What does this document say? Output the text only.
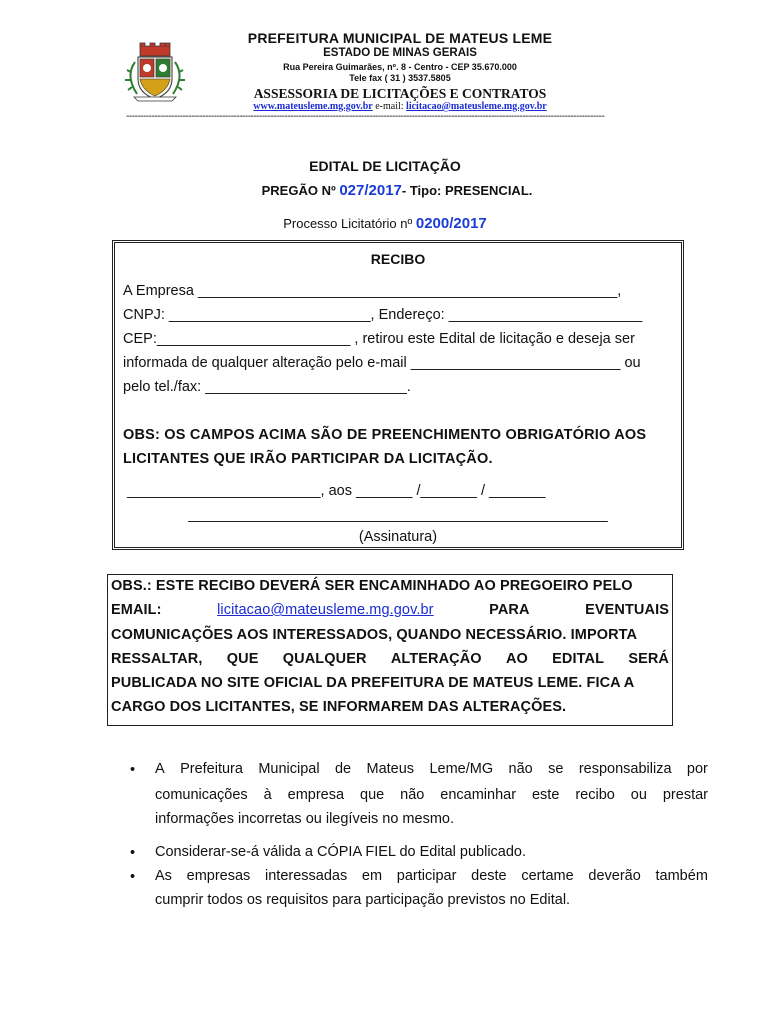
PREFEITURA MUNICIPAL DE MATEUS LEME
ESTADO DE MINAS GERAIS
Rua Pereira Guimarães, nº. 8 - Centro - CEP 35.670.000
Tele fax ( 31 ) 3537.5805
ASSESSORIA DE LICITAÇÕES E CONTRATOS
www.mateusleme.mg.gov.br e-mail: licitacao@mateusleme.mg.gov.br
-------------------------------------------------------------------------------------------------------------------------------------------------------------------------
EDITAL DE LICITAÇÃO
PREGÃO Nº 027/2017- Tipo: PRESENCIAL.
Processo Licitatório nº 0200/2017
RECIBO
A Empresa ____________________________________________________,
CNPJ: _________________________, Endereço: ________________________
CEP:________________________ , retirou este Edital de licitação e deseja ser
informada de qualquer alteração pelo e-mail __________________________ ou
pelo tel./fax: _________________________.
OBS: OS CAMPOS ACIMA SÃO DE PREENCHIMENTO OBRIGATÓRIO AOS
LICITANTES QUE IRÃO PARTICIPAR DA LICITAÇÃO.
________________________, aos _______ /_______ / _______
____________________________________________________
(Assinatura)
OBS.: ESTE RECIBO DEVERÁ SER ENCAMINHADO AO PREGOEIRO PELO
EMAIL:	licitacao@mateusleme.mg.gov.br	PARA	EVENTUAIS
COMUNICAÇÕES AOS INTERESSADOS, QUANDO NECESSÁRIO. IMPORTA
RESSALTAR, QUE QUALQUER ALTERAÇÃO AO EDITAL SERÁ
PUBLICADA NO SITE OFICIAL DA PREFEITURA DE MATEUS LEME. FICA A
CARGO DOS LICITANTES, SE INFORMAREM DAS ALTERAÇÕES.
• A Prefeitura Municipal de Mateus Leme/MG não se responsabiliza por
comunicações à empresa que não encaminhar este recibo ou prestar
informações incorretas ou ilegíveis no mesmo.
• Considerar-se-á válida a CÓPIA FIEL do Edital publicado.
• As empresas interessadas em participar deste certame deverão também
cumprir todos os requisitos para participação previstos no Edital.
